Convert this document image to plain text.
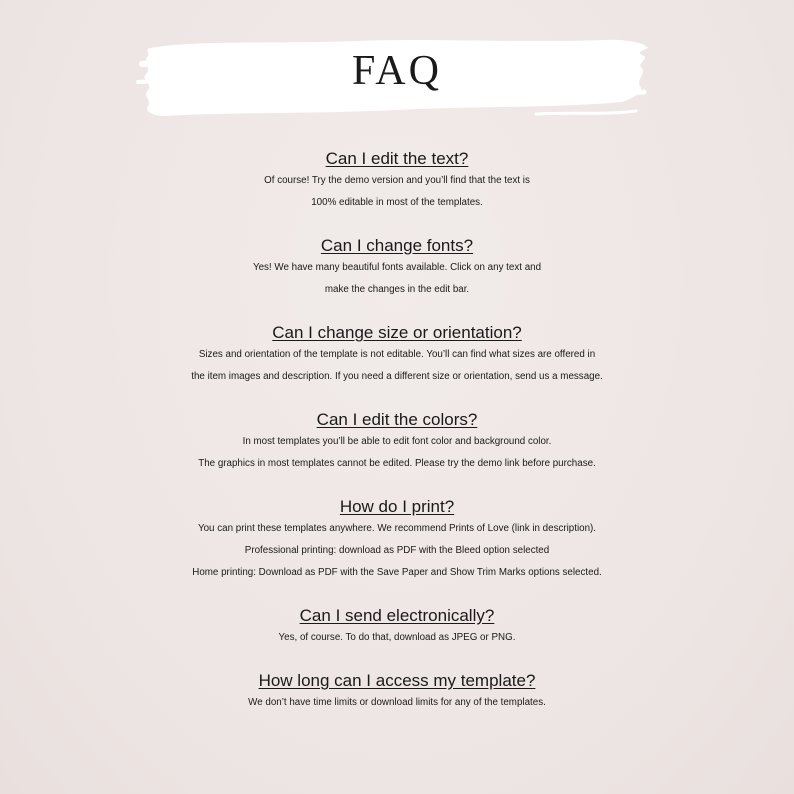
FAQ
Can I edit the text?
Of course! Try the demo version and you’ll find that the text is
100% editable in most of the templates.
Can I change fonts?
Yes! We have many beautiful fonts available. Click on any text and
make the changes in the edit bar.
Can I change size or orientation?
Sizes and orientation of the template is not editable. You’ll can find what sizes are offered in
the item images and description. If you need a different size or orientation, send us a message.
Can I edit the colors?
In most templates you’ll be able to edit font color and background color.
The graphics in most templates cannot be edited. Please try the demo link before purchase.
How do I print?
You can print these templates anywhere. We recommend Prints of Love (link in description).
Professional printing: download as PDF with the Bleed option selected
Home printing: Download as PDF with the Save Paper and Show Trim Marks options selected.
Can I send electronically?
Yes, of course. To do that, download as JPEG or PNG.
How long can I access my template?
We don’t have time limits or download limits for any of the templates.
